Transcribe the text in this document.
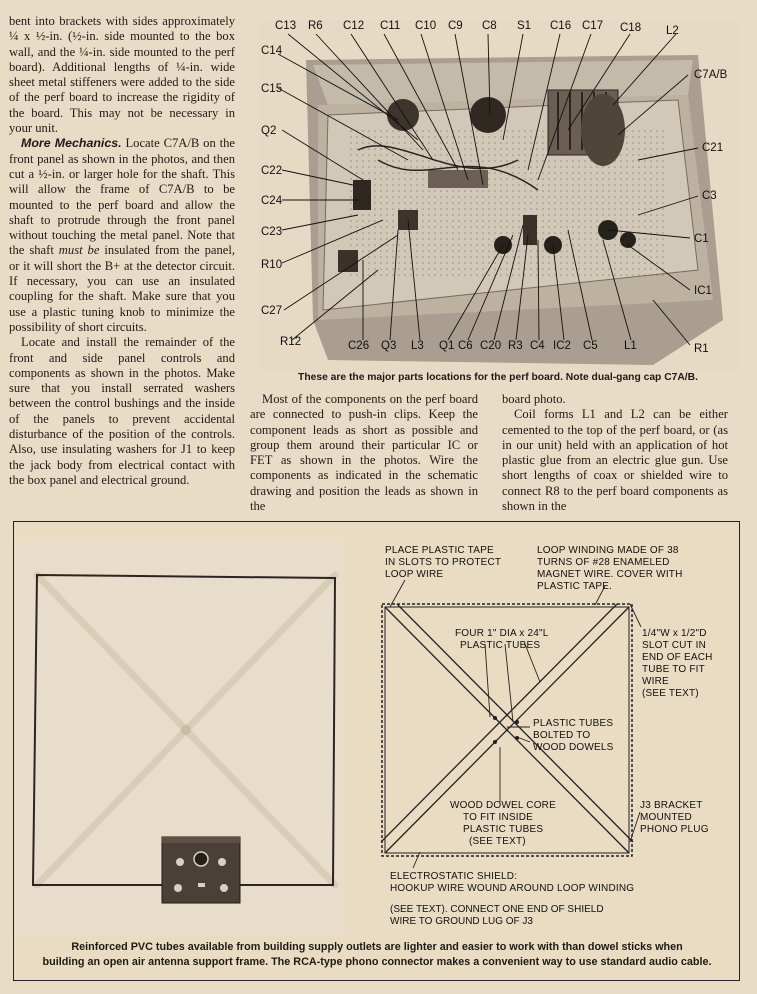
bent into brackets with sides approximately ¼ x ½-in. (½-in. side mounted to the box wall, and the ¼-in. side mounted to the perf board). Additional lengths of ¼-in. wide sheet metal stiffeners were added to the side of the perf board to increase the rigidity of the board. This may not be necessary in your unit.

More Mechanics. Locate C7A/B on the front panel as shown in the photos, and then cut a ½-in. or larger hole for the shaft. This will allow the frame of C7A/B to be mounted to the perf board and allow the shaft to protrude through the front panel without touching the metal panel. Note that the shaft must be insulated from the panel, or it will short the B+ at the detector circuit. If necessary, you can use an insulated coupling for the shaft. Make sure that you use a plastic tuning knob to minimize the possibility of short circuits.

Locate and install the remainder of the front and side panel controls and components as shown in the photos. Make sure that you install serrated washers between the control bushings and the inside of the panels to prevent accidental disturbance of the position of the controls. Also, use insulating washers for J1 to keep the jack body from electrical contact with the box panel and electrical ground.

C13 R6 C12 C11 C10 C9 C8 S1 C16 C17 C18 L2
C14
C15
Q2
C22
C24
C23
R10
C27
R12
C7A/B
C21
C3
C1
IC1
R1
C26 Q3 L3 Q1 C6 C20 R3 C4 IC2 C5 L1
These are the major parts locations for the perf board. Note dual-gang cap C7A/B.

Most of the components on the perf board are connected to push-in clips. Keep the component leads as short as possible and group them around their particular IC or FET as shown in the photos. Wire the components as indicated in the schematic drawing and position the leads as shown in the

board photo.

Coil forms L1 and L2 can be either cemented to the top of the perf board, or (as in our unit) held with an application of hot plastic glue from an electric glue gun. Use short lengths of coax or shielded wire to connect R8 to the perf board components as shown in the

PLACE PLASTIC TAPE
IN SLOTS TO PROTECT
LOOP WIRE
LOOP WINDING MADE OF 38
TURNS OF #28 ENAMELED
MAGNET WIRE. COVER WITH
PLASTIC TAPE.
FOUR 1" DIA x 24"L
PLASTIC TUBES
1/4"W x 1/2"D
SLOT CUT IN
END OF EACH
TUBE TO FIT
WIRE
(SEE TEXT)
PLASTIC TUBES
BOLTED TO
WOOD DOWELS
WOOD DOWEL CORE
TO FIT INSIDE
PLASTIC TUBES
(SEE TEXT)
J3 BRACKET
MOUNTED
PHONO PLUG
ELECTROSTATIC SHIELD:
HOOKUP WIRE WOUND AROUND LOOP WINDING
(SEE TEXT). CONNECT ONE END OF SHIELD
WIRE TO GROUND LUG OF J3
Reinforced PVC tubes available from building supply outlets are lighter and easier to work with than dowel sticks when
building an open air antenna support frame. The RCA-type phono connector makes a convenient way to use standard audio cable.
